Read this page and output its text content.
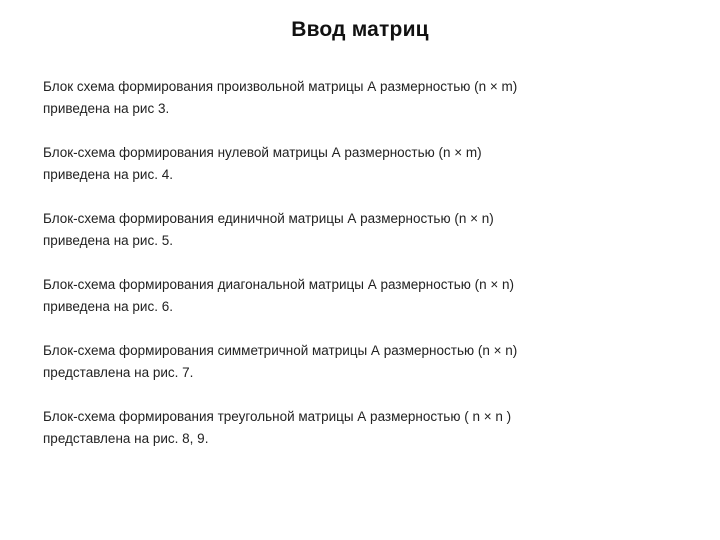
Ввод матриц

Блок схема формирования произвольной матрицы А размерностью (n × m)
приведена на рис 3.

Блок-схема формирования нулевой матрицы А размерностью (n × m)
приведена на рис. 4.

Блок-схема формирования единичной матрицы А размерностью (n × n)
приведена на рис. 5.

Блок-схема формирования диагональной матрицы А размерностью (n × n)
приведена на рис. 6.

Блок-схема формирования симметричной матрицы А размерностью (n × n)
представлена на рис. 7.

Блок-схема формирования треугольной матрицы А размерностью ( n × n )
представлена на рис. 8, 9.
